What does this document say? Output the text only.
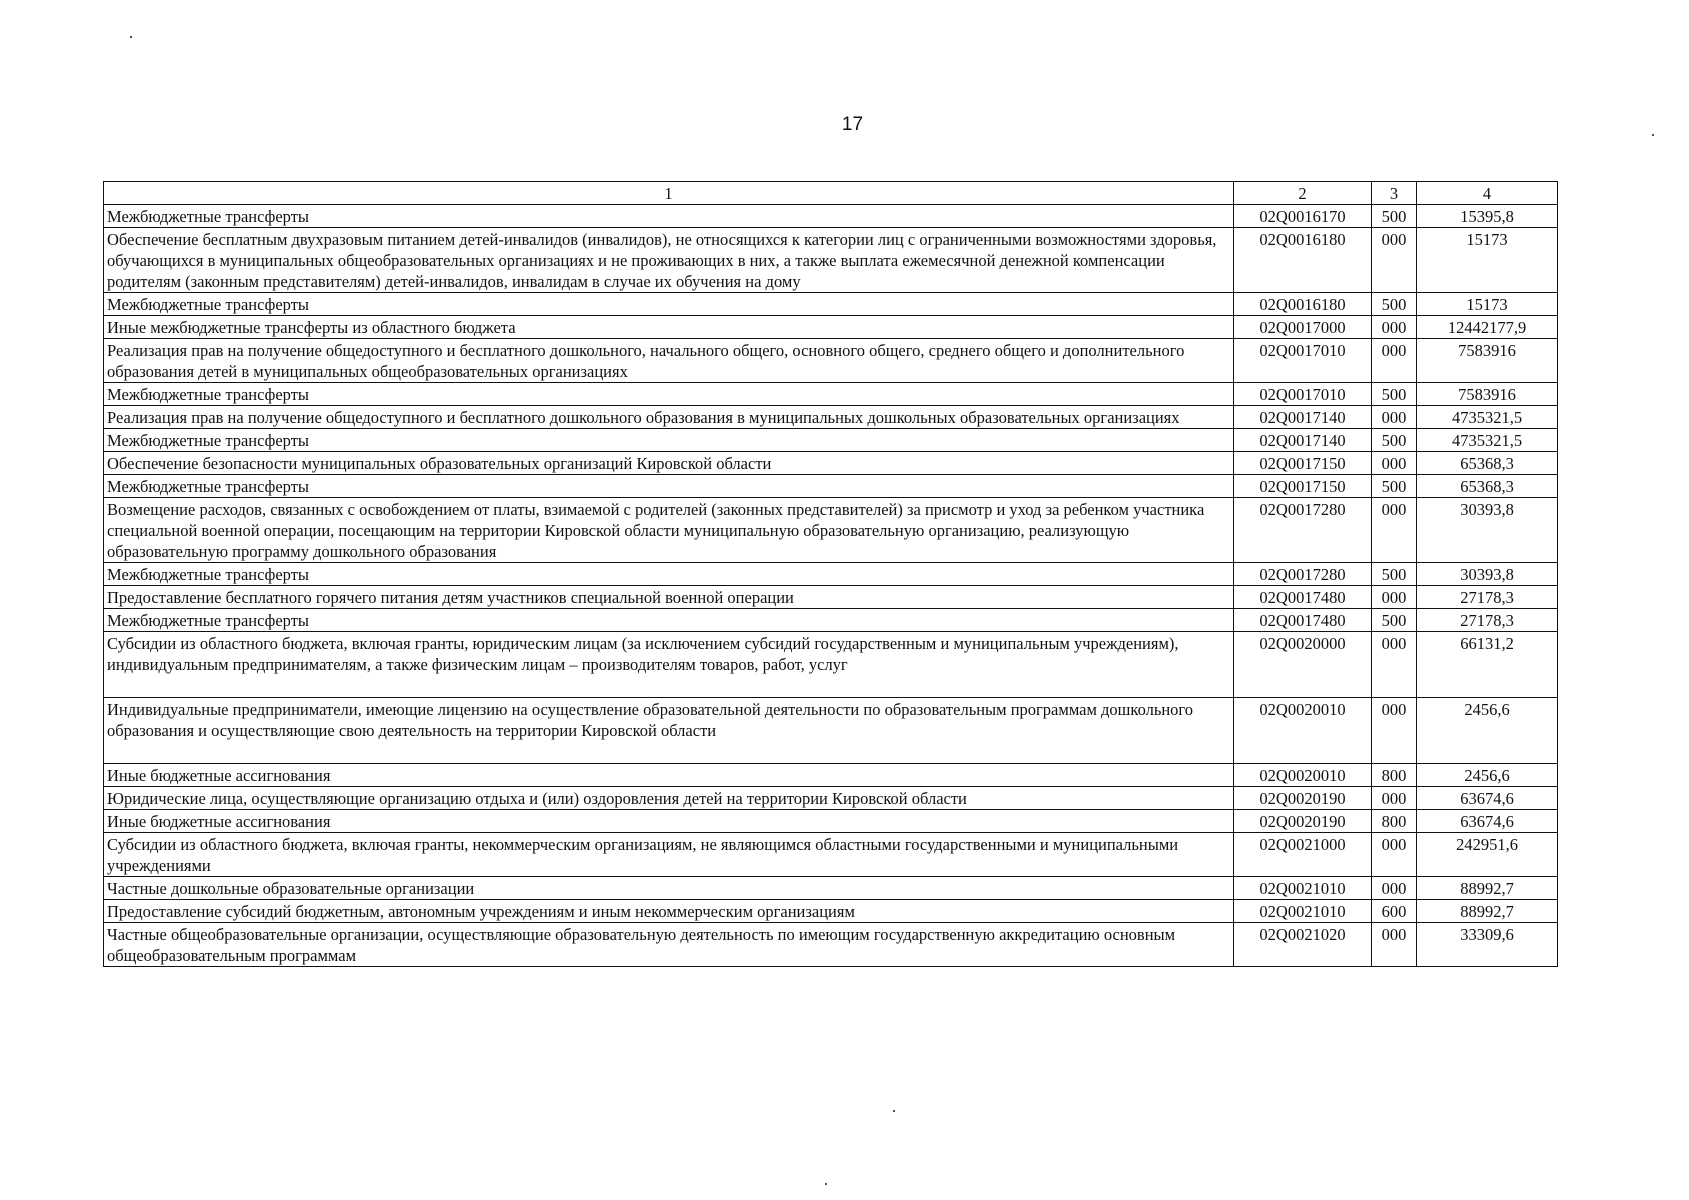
17
1	2	3	4
Межбюджетные трансферты	02Q0016170	500	15395,8
Обеспечение бесплатным двухразовым питанием детей-инвалидов (инвалидов), не относящихся к категории лиц с ограниченными возможностями здоровья, обучающихся в муниципальных общеобразовательных организациях и не проживающих в них, а также выплата ежемесячной денежной компенсации родителям (законным представителям) детей-инвалидов, инвалидам в случае их обучения на дому	02Q0016180	000	15173
Межбюджетные трансферты	02Q0016180	500	15173
Иные межбюджетные трансферты из областного бюджета	02Q0017000	000	12442177,9
Реализация прав на получение общедоступного и бесплатного дошкольного, начального общего, основного общего, среднего общего и дополнительного образования детей в муниципальных общеобразовательных организациях	02Q0017010	000	7583916
Межбюджетные трансферты	02Q0017010	500	7583916
Реализация прав на получение общедоступного и бесплатного дошкольного образования в муниципальных дошкольных образовательных организациях	02Q0017140	000	4735321,5
Межбюджетные трансферты	02Q0017140	500	4735321,5
Обеспечение безопасности муниципальных образовательных организаций Кировской области	02Q0017150	000	65368,3
Межбюджетные трансферты	02Q0017150	500	65368,3
Возмещение расходов, связанных с освобождением от платы, взимаемой с родителей (законных представителей) за присмотр и уход за ребенком участника специальной военной операции, посещающим на территории Кировской области муниципальную образовательную организацию, реализующую образовательную программу дошкольного образования	02Q0017280	000	30393,8
Межбюджетные трансферты	02Q0017280	500	30393,8
Предоставление бесплатного горячего питания детям участников специальной военной операции	02Q0017480	000	27178,3
Межбюджетные трансферты	02Q0017480	500	27178,3
Субсидии из областного бюджета, включая гранты, юридическим лицам (за исключением субсидий государственным и муниципальным учреждениям), индивидуальным предпринимателям, а также физическим лицам – производителям товаров, работ, услуг	02Q0020000	000	66131,2
Индивидуальные предприниматели, имеющие лицензию на осуществление образовательной деятельности по образовательным программам дошкольного образования и осуществляющие свою деятельность на территории Кировской области	02Q0020010	000	2456,6
Иные бюджетные ассигнования	02Q0020010	800	2456,6
Юридические лица, осуществляющие организацию отдыха и (или) оздоровления детей на территории Кировской области	02Q0020190	000	63674,6
Иные бюджетные ассигнования	02Q0020190	800	63674,6
Субсидии из областного бюджета, включая гранты, некоммерческим организациям, не являющимся областными государственными и муниципальными учреждениями	02Q0021000	000	242951,6
Частные дошкольные образовательные организации	02Q0021010	000	88992,7
Предоставление субсидий бюджетным, автономным учреждениям и иным некоммерческим организациям	02Q0021010	600	88992,7
Частные общеобразовательные организации, осуществляющие образовательную деятельность по имеющим государственную аккредитацию основным общеобразовательным программам	02Q0021020	000	33309,6
